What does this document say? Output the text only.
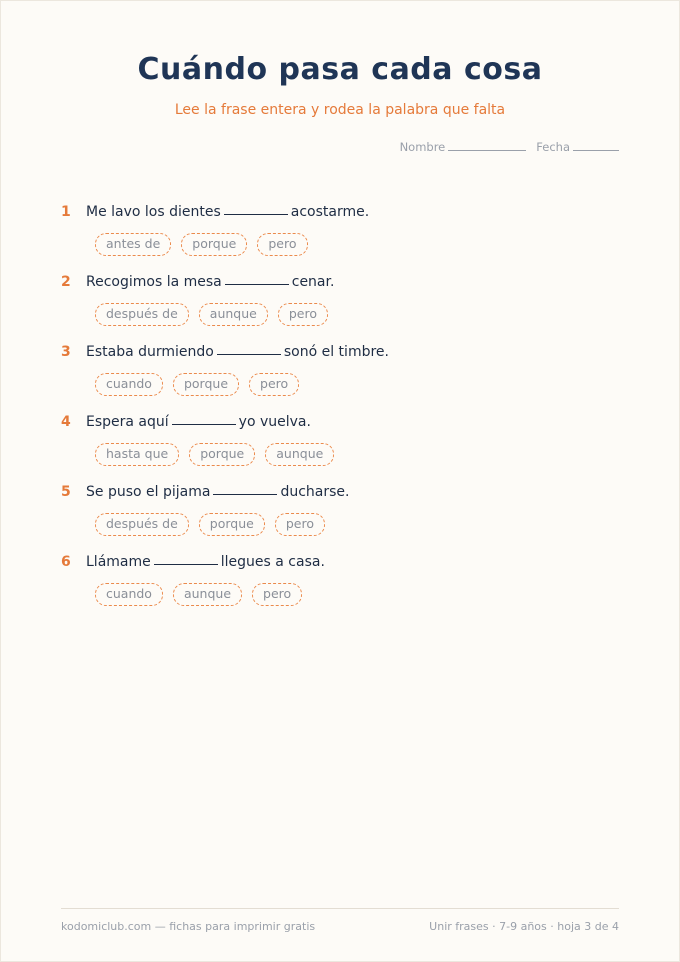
Cuándo pasa cada cosa
Lee la frase entera y rodea la palabra que falta
Nombre	Fecha
1	Me lavo los dientes	acostarme.
antes de	porque	pero
2	Recogimos la mesa	cenar.
después de	aunque	pero
3	Estaba durmiendo	sonó el timbre.
cuando	porque	pero
4	Espera aquí	yo vuelva.
hasta que	porque	aunque
5	Se puso el pijama	ducharse.
después de	porque	pero
6	Llámame	llegues a casa.
cuando	aunque	pero
kodomiclub.com — fichas para imprimir gratis	Unir frases · 7-9 años · hoja 3 de 4
